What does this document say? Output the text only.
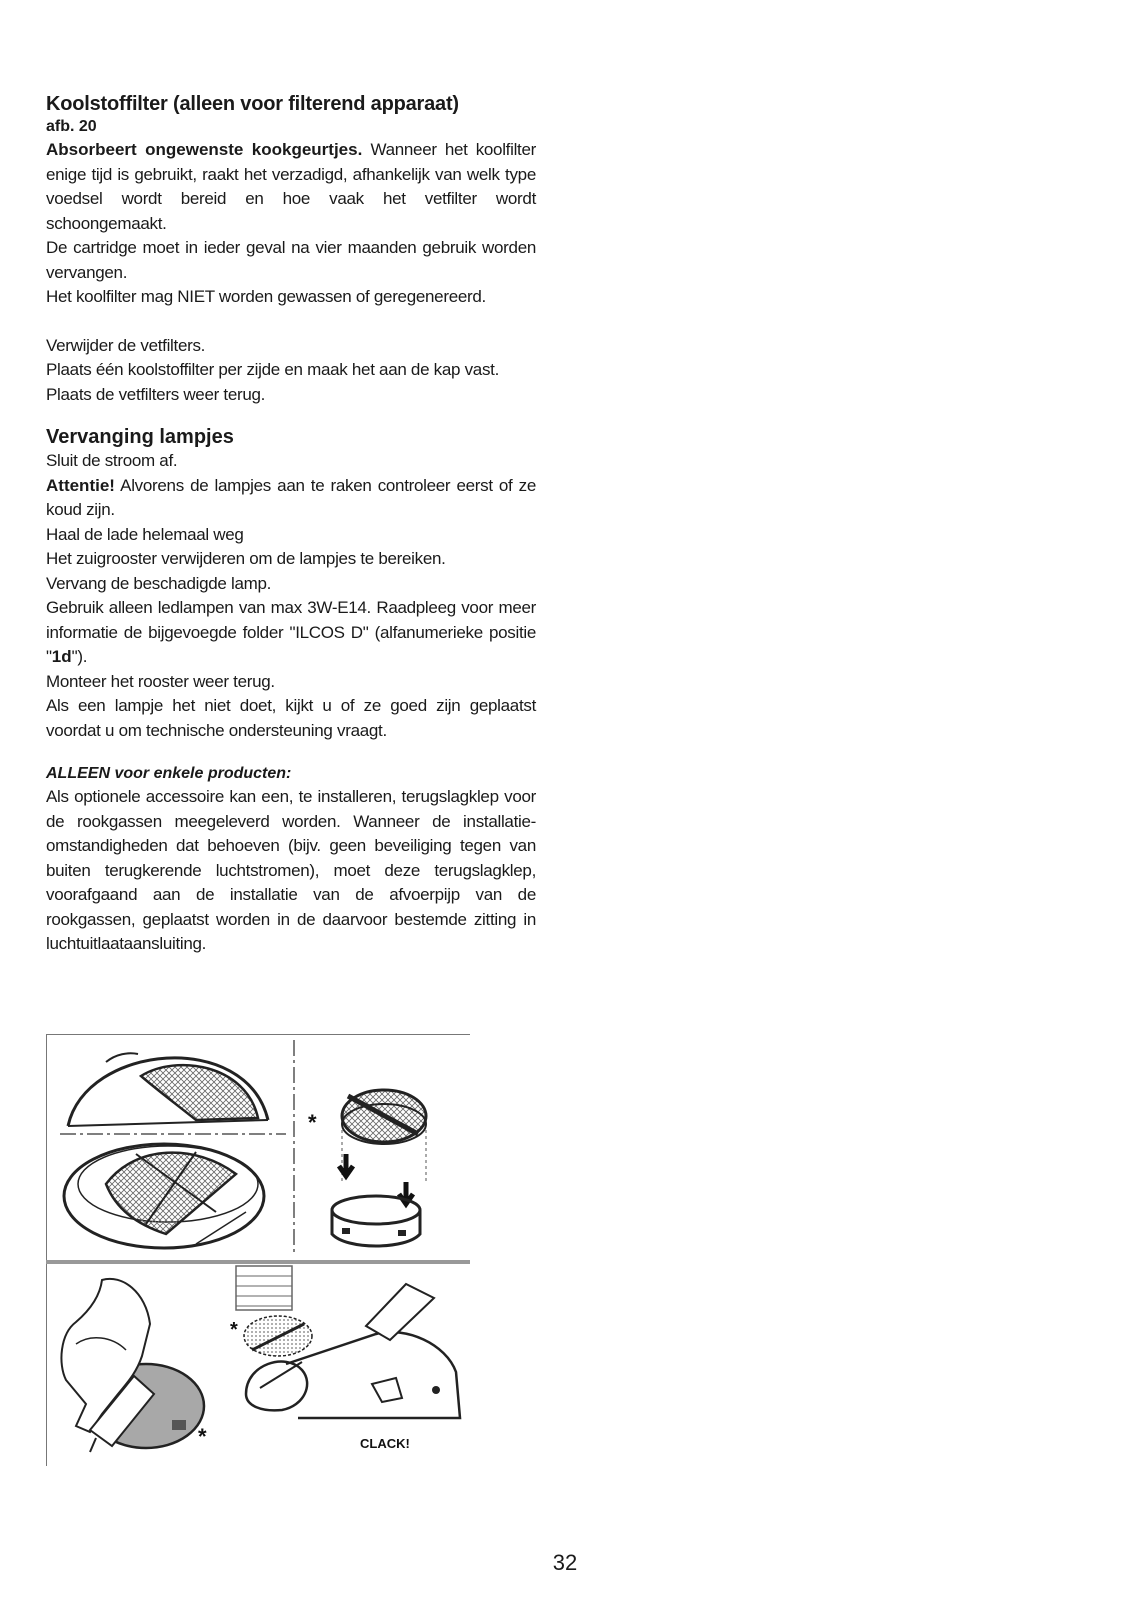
Koolstoffilter (alleen voor filterend apparaat)
afb. 20
Absorbeert ongewenste kookgeurtjes. Wanneer het koolfilter enige tijd is gebruikt, raakt het verzadigd, afhankelijk van welk type voedsel wordt bereid en hoe vaak het vetfilter wordt schoongemaakt.
De cartridge moet in ieder geval na vier maanden gebruik worden vervangen.
Het koolfilter mag NIET worden gewassen of geregenereerd.
Verwijder de vetfilters.
Plaats één koolstoffilter per zijde en maak het aan de kap vast.
Plaats de vetfilters weer terug.
Vervanging lampjes
Sluit de stroom af.
Attentie! Alvorens de lampjes aan te raken controleer eerst of ze koud zijn.
Haal de lade helemaal weg
Het zuigrooster verwijderen om de lampjes te bereiken.
Vervang de beschadigde lamp.
Gebruik alleen ledlampen van max 3W-E14. Raadpleeg voor meer informatie de bijgevoegde folder "ILCOS D" (alfanumerieke positie "1d").
Monteer het rooster weer terug.
Als een lampje het niet doet, kijkt u of ze goed zijn geplaatst voordat u om technische ondersteuning vraagt.
ALLEEN voor enkele producten:
Als optionele accessoire kan een, te installeren, terugslagklep voor de rookgassen meegeleverd worden. Wanneer de installatie-omstandigheden dat behoeven (bijv. geen beveiliging tegen van buiten terugkerende luchtstromen), moet deze terugslagklep, voorafgaand aan de installatie van de afvoerpijp van de rookgassen, geplaatst worden in de daarvoor bestemde zitting in luchtuitlaataansluiting.
*
*
*
CLACK!
32
